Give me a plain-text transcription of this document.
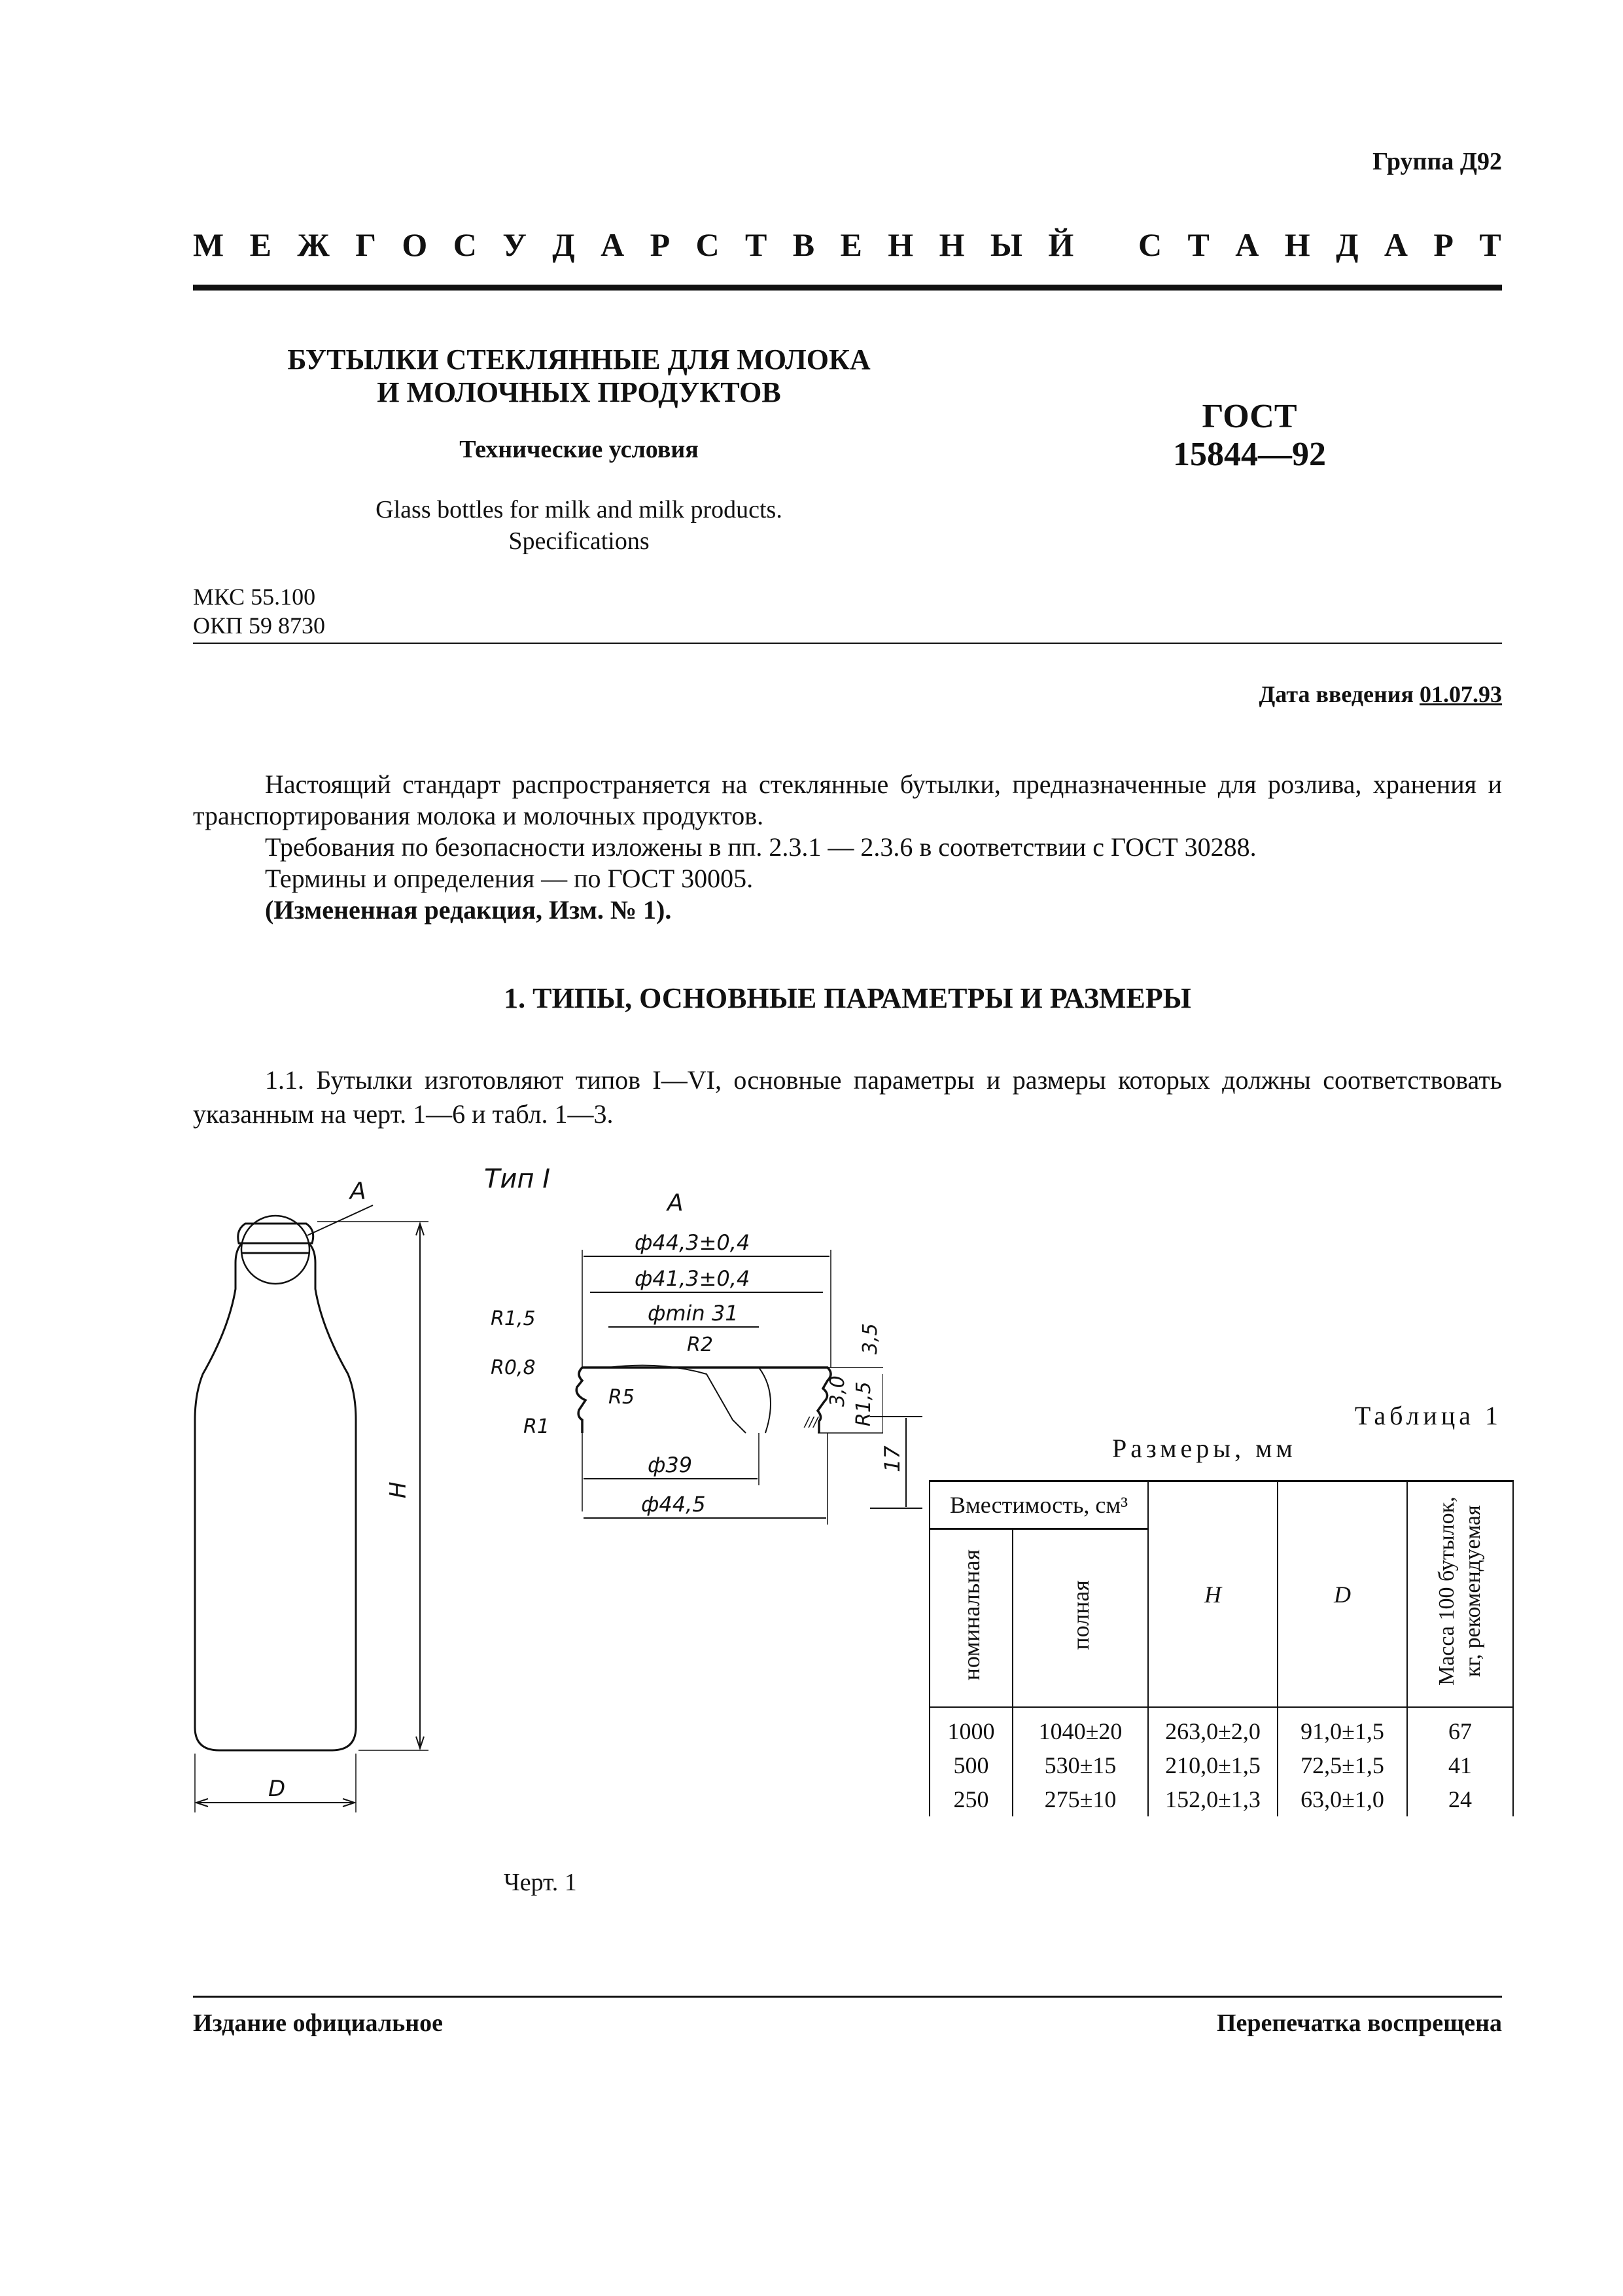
Группа Д92
М Е Ж Г О С У Д А Р С Т В Е Н Н Ы Й С Т А Н Д А Р Т
БУТЫЛКИ СТЕКЛЯННЫЕ ДЛЯ МОЛОКА
И МОЛОЧНЫХ ПРОДУКТОВ
Технические условия
Glass bottles for milk and milk products.
Specifications
ГОСТ
15844—92
МКС 55.100
ОКП 59 8730
Дата введения 01.07.93

Настоящий стандарт распространяется на стеклянные бутылки, предназначенные для розлива, хранения и транспортирования молока и молочных продуктов.

Требования по безопасности изложены в пп. 2.3.1 — 2.3.6 в соответствии с ГОСТ 30288.

Термины и определения — по ГОСТ 30005.

(Измененная редакция, Изм. № 1).

1. ТИПЫ, ОСНОВНЫЕ ПАРАМЕТРЫ И РАЗМЕРЫ
1.1. Бутылки изготовляют типов I—VI, основные параметры и размеры которых должны соответствовать указанным на черт. 1—6 и табл. 1—3.
А
H
D
Тип I
А
///
ф44,3±0,4
ф41,3±0,4
фmin 31
R1,5
R0,8
R5
R1
R2
R1,5
3,5
3,0
ф39
ф44,5
17
Черт. 1
Таблица 1
Размеры, мм
Вместимость, см³		H	D	Масса 100 бутылок, кг, рекомендуемая
номинальная	полная			
1000	1040±20	263,0±2,0	91,0±1,5	67
500	530±15	210,0±1,5	72,5±1,5	41
250	275±10	152,0±1,3	63,0±1,0	24
Издание официальное	Перепечатка воспрещена
